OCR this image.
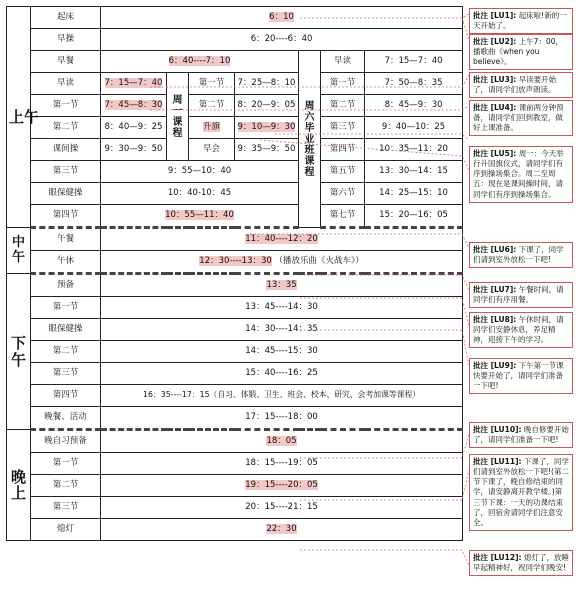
上午	起床	6：10						
	早操	6：20----6：40						
	早餐	6：40----7：10				周六毕业班课程	早读	7：15—7：40
	早读	7：15—7：40	周一课程	第一节	7：25—8：10		第一节	7：50—8：35
	第一节	7：45—8：30		第二节	8：20—9：05		第二节	8：45—9：30
	第二节	8：40—9：25		升旗	9：10—9：30		第三节	9：40—10：25
	课间操	9：30—9：50		早会	9：35—9：50		第四节	10：35—11：20
	第三节	9：55—10：40					第五节	13：30—14：15
	眼保健操	10：40-10：45					第六节	14：25—15：10
	第四节	10：55—11：40					第七节	15：20—16：05
中午	午餐	11：40----12：20						
	午休	12：30----13：30 （播放乐曲《火战车》）						
下午	预备	13：35						
	第一节	13：45----14：30						
	眼保健操	14：30----14：35						
	第二节	14：45----15：30						
	第三节	15：40----16：25						
	第四节	16：35----17：15（自习、体锻、卫生、班会、校本、研究、会考加课等课程）						
	晚餐、活动	17：15----18：00						
晚上	晚自习预备	18：05						
	第一节	18：15----19：05						
	第二节	19：15----20：05						
	第三节	20：15----21：15						
	熄灯	22：30						
批注 [LU1]: 起床啦!新的一天开始了。
批注 [LU2]: 上午7：00，播歌曲《when you believe》。
批注 [LU3]: 早读要开始了，请同学们放声朗读。
批注 [LU4]: 课前两分钟预备，请同学们回到教室，做好上课准备。
批注 [LU5]: 周一：今天举行升国旗仪式，请同学们有序到操场集合。周二至周五：现在是课间操时间，请同学们有序到操场集合。
批注 [LU6]: 下课了，同学们请到室外放松一下吧!
批注 [LU7]: 午餐时间，请同学们有序用餐。
批注 [LU8]: 午休时间，请同学们安静休息，养足精神，迎接下午的学习。
批注 [LU9]: 下午第一节课快要开始了，请同学们准备一下吧!
批注 [LU10]: 晚自修要开始了，请同学们准备一下吧!
批注 [LU11]: 下课了，同学们请到室外放松一下吧!(第二节下课了，晚自修结束的同学，请安静离开教学楼。)第三节下课：一天的功课结束了，回宿舍请同学们注意安全。
批注 [LU12]: 熄灯了，放睡早起精神好，祝同学们晚安!
